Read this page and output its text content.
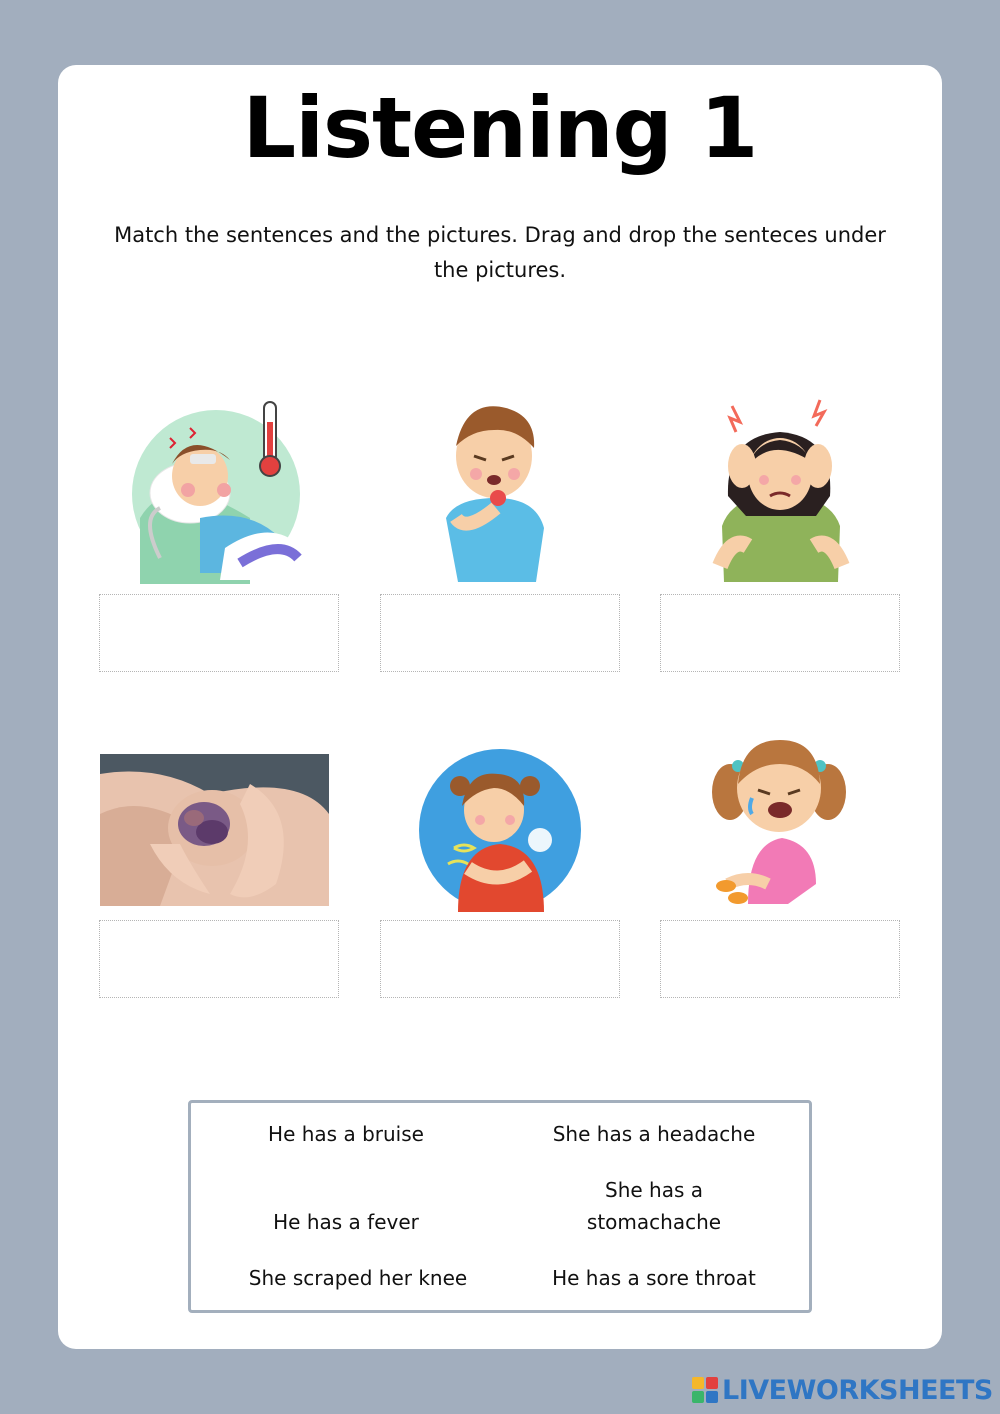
Listening 1
Match the sentences and the pictures. Drag and drop the senteces under the pictures.
He has a bruise	She has a headache
He has a fever
She has a
stomachache
She scraped her knee	He has a sore throat
LIVEWORKSHEETS
